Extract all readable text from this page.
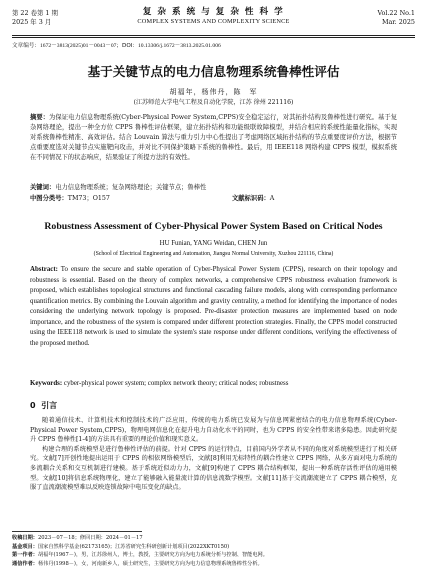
第 22 卷第 1 期
2025 年 3 月
复 杂 系 统 与 复 杂 性 科 学
COMPLEX SYSTEMS AND COMPLEXITY SCIENCE
Vol.22 No.1
Mar. 2025
文章编号：1672－3813(2025)01－0043－07；DOI：10.13306/j.1672－3813.2025.01.006
基于关键节点的电力信息物理系统鲁棒性评估
胡福年，杨伟丹，陈　军
(江苏师范大学电气工程及自动化学院，江苏 徐州 221116)
摘要：为保证电力信息物理系统(Cyber-Physical Power System,CPPS)安全稳定运行，对其拓扑结构及鲁棒性进行研究。基于复杂网络理论，提出一种全方位 CPPS 鲁棒性评估框架，建立拓扑结构和功能级联故障模型，并结合相应的系统性能量化指标，实现对系统鲁棒性精准、高效评估。结合 Louvain 算法与重力引力中心性提出了考虑网络区域拓扑结构的节点重要度评价方法，根据节点重要度选对关键节点实施靶向攻击，并对比不同保护策略下系统的鲁棒性。最后，用 IEEE118 网络构建 CPPS 模型，模拟系统在不同情况下的状态响应，结果验证了所提方法的有效性。
关键词：电力信息物理系统；复杂网络理论；关键节点；鲁棒性
中图分类号：TM73；O157	文献标识码：A
Robustness Assessment of Cyber-Physical Power System Based on Critical Nodes
HU Funian, YANG Weidan, CHEN Jun
(School of Electrical Engineering and Automation, Jiangsu Normal University, Xuzhou 221116, China)
Abstract: To ensure the secure and stable operation of Cyber-Physical Power System (CPPS), research on their topology and robustness is essential. Based on the theory of complex networks, a comprehensive CPPS robustness evaluation framework is proposed, which establishes topological structures and functional cascading failure models, along with corresponding performance quantification metrics. By combining the Louvain algorithm and gravity centrality, a method for identifying the importance of nodes considering the underlying network topology is proposed. Pre-disaster protection measures are implemented based on node importance, and the robustness of the system is compared under different protection strategies. Finally, the CPPS model constructed using the IEEE118 network is used to simulate the system's state response under different conditions, verifying the effectiveness of the proposed method.
Keywords: cyber-physical power system; complex network theory; critical nodes; robustness
0 引言

随着通信技术、计算机技术和控制技术的广泛应用，传统的电力系统已发展为与信息网紧密结合的电力信息物理系统(Cyber-Physical Power System,CPPS)，物理电网信息化在提升电力自动化水平的同时，也为 CPPS 的安全性带来诸多隐患。因此研究提升 CPPS 鲁棒性[1-4]的方法具有重要的理论价值和现实意义。

构建合理的系统模型是进行鲁棒性评估的前提。针对 CPPS 的运行特点，目前国内外学者从不同的角度对系统模型进行了相关研究。文献[7]开创性地提出运用于 CPPS 的相依网络模型后，文献[8]利用无标特性的耦合性建立 CPPS 网络，从多方面对电力系统的多流耦合关系和交互机制进行建模。基于系统近似动力力，文献[9]构建了 CPPS 耦合结构框架，提出一种系统存活性评估的通用模型。文献[10]将信息系统物理化，建立了能够融入能量流计算的信息流数学模型。文献[11]基于交流潮流建立了 CPPS 耦合模型，克服了直流潮流模型难以反映连锁故障中电压变化的缺点。

收稿日期：2023－07－18；修回日期：2024－01－17
基金项目：国家自然科学基金(62173165)；江苏省研究生科研创新计划项目(2022XKT0150)
第一作者：胡福年(1967－)，男，江苏徐州人，博士，教授，主要研究方向为电力系统分析与控制、智能电网。
通信作者：杨伟丹(1998－)，女，河南新乡人，硕士研究生，主要研究方向为电力信息物理系统鲁棒性分析。
